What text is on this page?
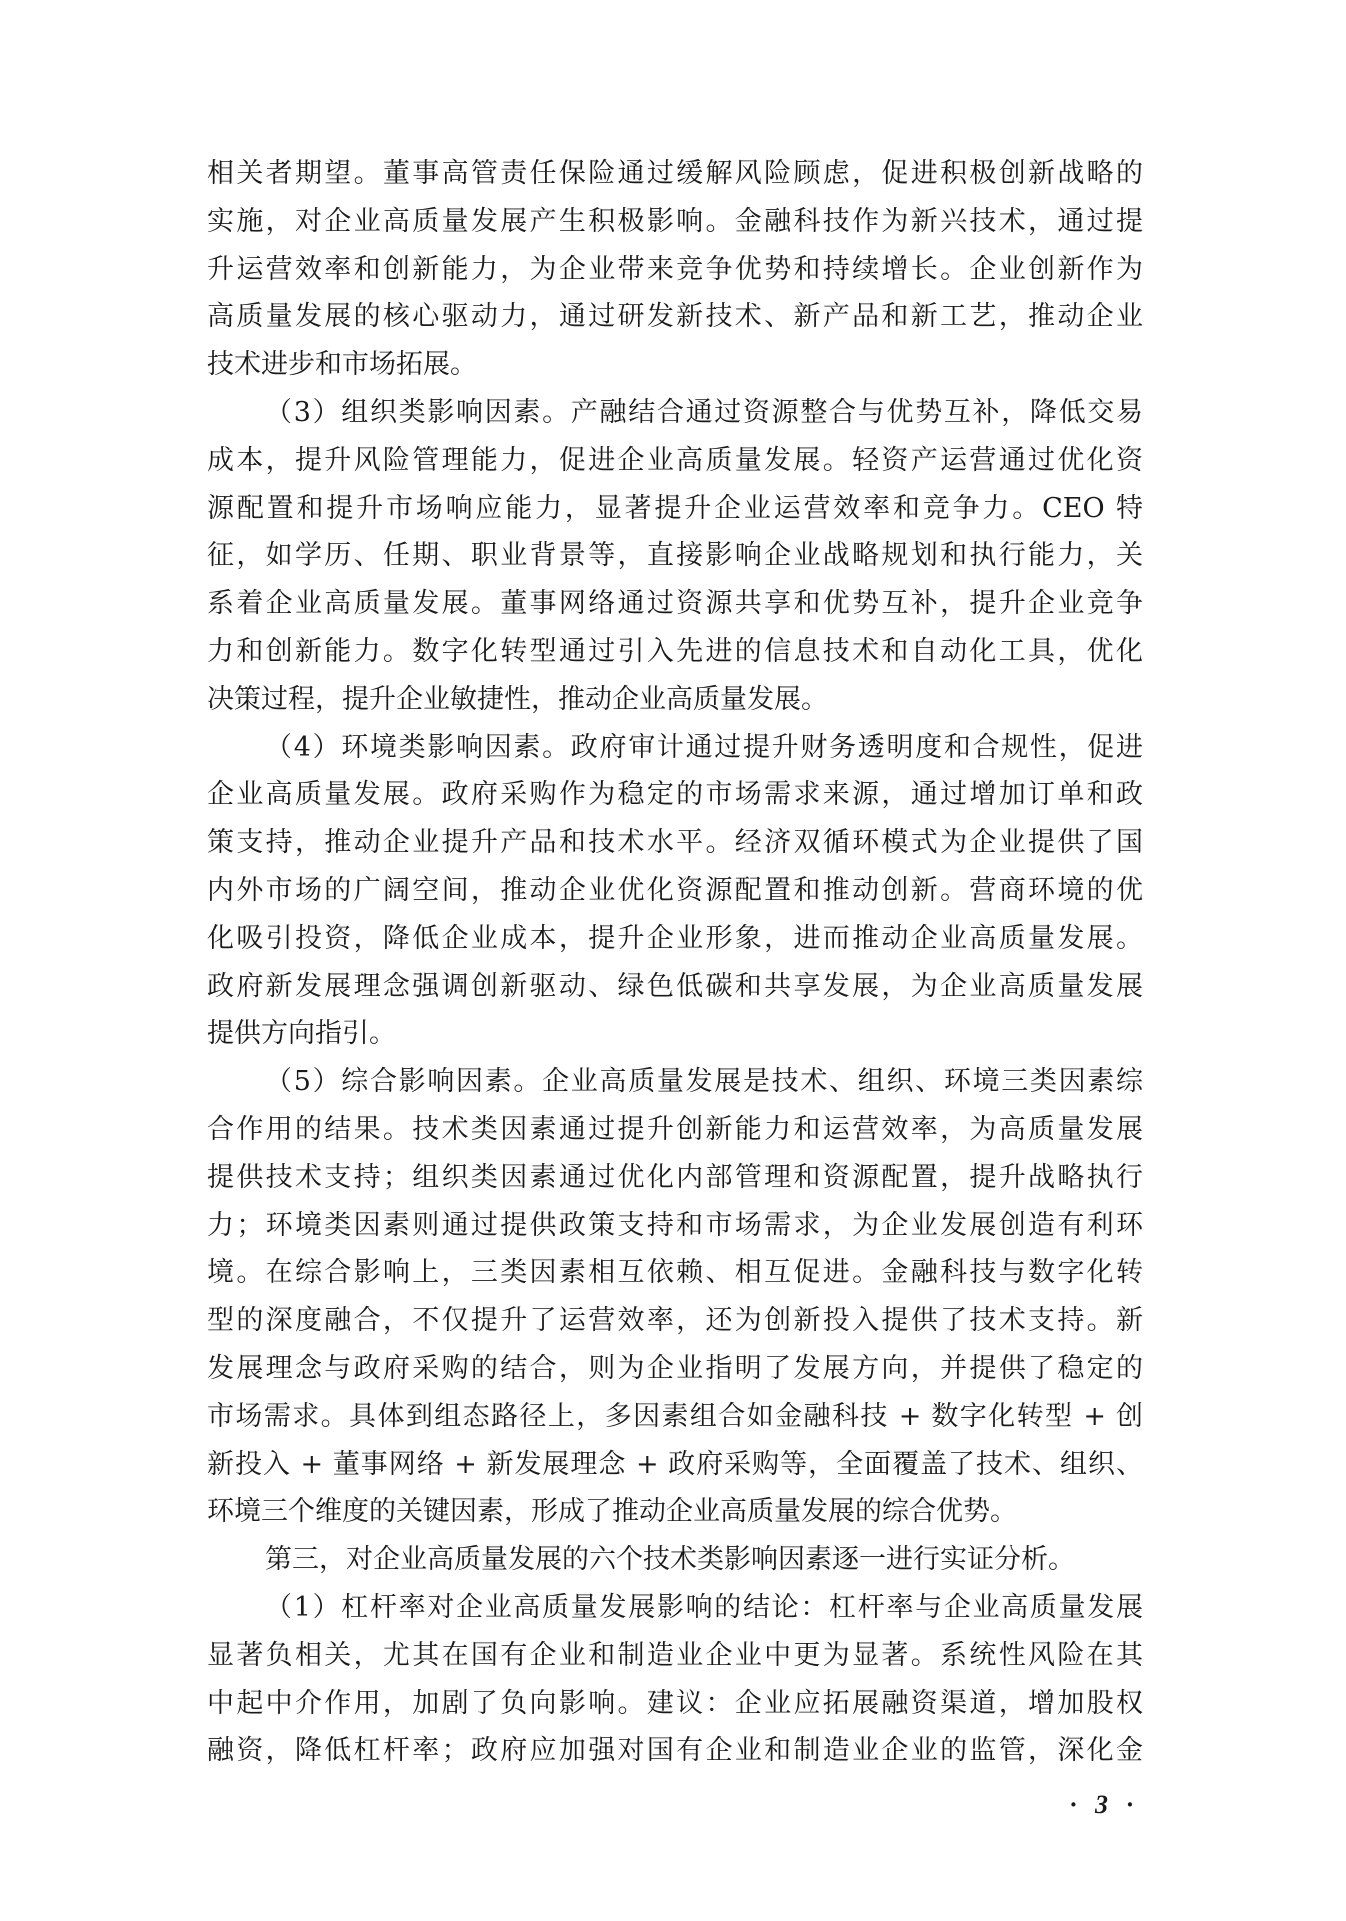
相关者期望。董事高管责任保险通过缓解风险顾虑，促进积极创新战略的
实施，对企业高质量发展产生积极影响。金融科技作为新兴技术，通过提
升运营效率和创新能力，为企业带来竞争优势和持续增长。企业创新作为
高质量发展的核心驱动力，通过研发新技术、新产品和新工艺，推动企业
技术进步和市场拓展。
（3）组织类影响因素。产融结合通过资源整合与优势互补，降低交易
成本，提升风险管理能力，促进企业高质量发展。轻资产运营通过优化资
源配置和提升市场响应能力，显著提升企业运营效率和竞争力。CEO 特
征，如学历、任期、职业背景等，直接影响企业战略规划和执行能力，关
系着企业高质量发展。董事网络通过资源共享和优势互补，提升企业竞争
力和创新能力。数字化转型通过引入先进的信息技术和自动化工具，优化
决策过程，提升企业敏捷性，推动企业高质量发展。
（4）环境类影响因素。政府审计通过提升财务透明度和合规性，促进
企业高质量发展。政府采购作为稳定的市场需求来源，通过增加订单和政
策支持，推动企业提升产品和技术水平。经济双循环模式为企业提供了国
内外市场的广阔空间，推动企业优化资源配置和推动创新。营商环境的优
化吸引投资，降低企业成本，提升企业形象，进而推动企业高质量发展。
政府新发展理念强调创新驱动、绿色低碳和共享发展，为企业高质量发展
提供方向指引。
（5）综合影响因素。企业高质量发展是技术、组织、环境三类因素综
合作用的结果。技术类因素通过提升创新能力和运营效率，为高质量发展
提供技术支持；组织类因素通过优化内部管理和资源配置，提升战略执行
力；环境类因素则通过提供政策支持和市场需求，为企业发展创造有利环
境。在综合影响上，三类因素相互依赖、相互促进。金融科技与数字化转
型的深度融合，不仅提升了运营效率，还为创新投入提供了技术支持。新
发展理念与政府采购的结合，则为企业指明了发展方向，并提供了稳定的
市场需求。具体到组态路径上，多因素组合如金融科技 + 数字化转型 + 创
新投入 + 董事网络 + 新发展理念 + 政府采购等，全面覆盖了技术、组织、
环境三个维度的关键因素，形成了推动企业高质量发展的综合优势。
第三，对企业高质量发展的六个技术类影响因素逐一进行实证分析。
（1）杠杆率对企业高质量发展影响的结论：杠杆率与企业高质量发展
显著负相关，尤其在国有企业和制造业企业中更为显著。系统性风险在其
中起中介作用，加剧了负向影响。建议：企业应拓展融资渠道，增加股权
融资，降低杠杆率；政府应加强对国有企业和制造业企业的监管，深化金
· 3 ·
